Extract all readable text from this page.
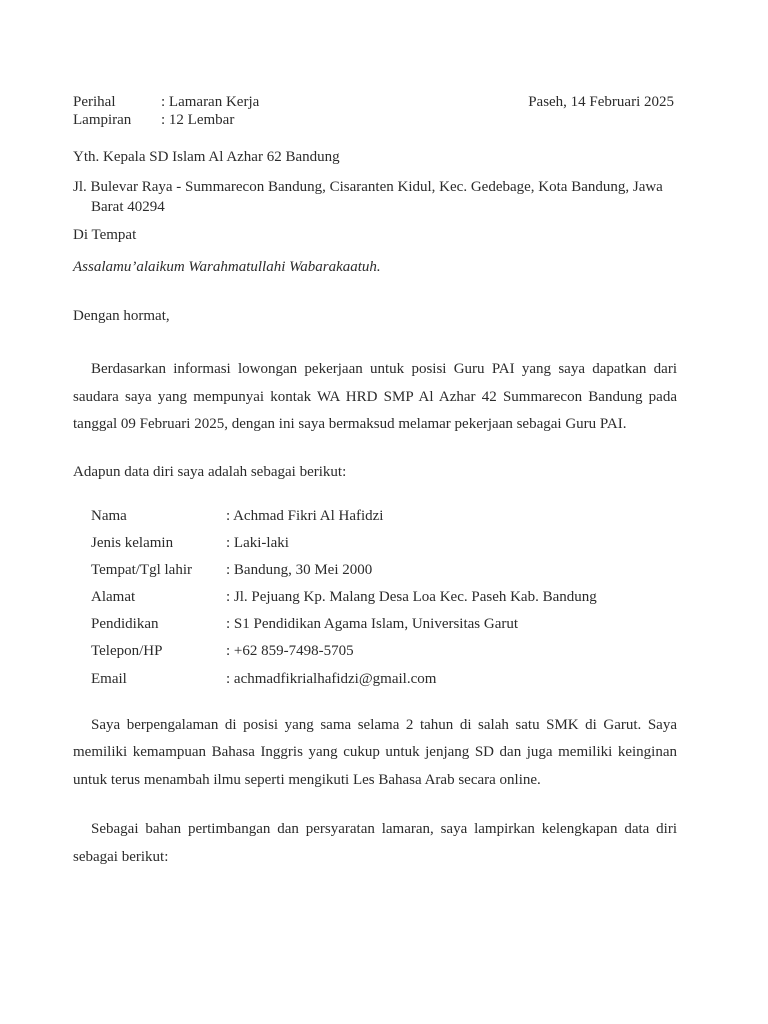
Perihal	: Lamaran Kerja
Lampiran	: 12 Lembar
Paseh, 14 Februari 2025
Yth. Kepala SD Islam Al Azhar 62 Bandung
Jl. Bulevar Raya - Summarecon Bandung, Cisaranten Kidul, Kec. Gedebage, Kota Bandung, Jawa Barat 40294
Di Tempat
Assalamu’alaikum Warahmatullahi Wabarakaatuh.
Dengan hormat,
Berdasarkan informasi lowongan pekerjaan untuk posisi Guru PAI yang saya dapatkan dari saudara saya yang mempunyai kontak WA HRD SMP Al Azhar 42 Summarecon Bandung pada tanggal 09 Februari 2025, dengan ini saya bermaksud melamar pekerjaan sebagai Guru PAI.
Adapun data diri saya adalah sebagai berikut:
Nama	: Achmad Fikri Al Hafidzi
Jenis kelamin	: Laki-laki
Tempat/Tgl lahir	: Bandung, 30 Mei 2000
Alamat	: Jl. Pejuang Kp. Malang Desa Loa Kec. Paseh Kab. Bandung
Pendidikan	: S1 Pendidikan Agama Islam, Universitas Garut
Telepon/HP	: +62 859-7498-5705
Email	: achmadfikrialhafidzi@gmail.com
Saya berpengalaman di posisi yang sama selama 2 tahun di salah satu SMK di Garut. Saya memiliki kemampuan Bahasa Inggris yang cukup untuk jenjang SD dan juga memiliki keinginan untuk terus menambah ilmu seperti mengikuti Les Bahasa Arab secara online.
Sebagai bahan pertimbangan dan persyaratan lamaran, saya lampirkan kelengkapan data diri sebagai berikut:
